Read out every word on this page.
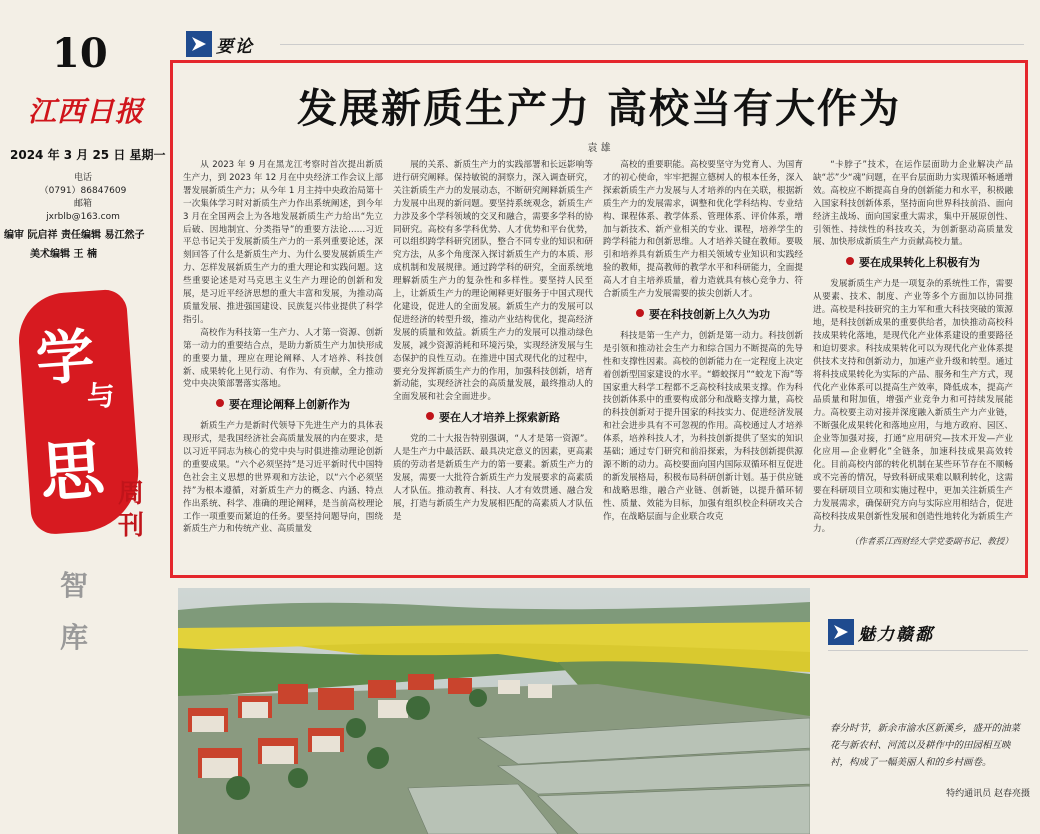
10
江西日报
2024 年 3 月 25 日 星期一
电话
（0791）86847609
邮箱
jxrblb@163.com
编审 阮启祥 责任编辑 易江然子
美术编辑 王 楠
学
与
思 周刊
智库
要论
发展新质生产力 高校当有大作为
袁 雄

从 2023 年 9 月在黑龙江考察时首次提出新质生产力，到 2023 年 12 月在中央经济工作会议上部署发展新质生产力；从今年 1 月主持中央政治局第十一次集体学习时对新质生产力作出系统阐述，到今年 3 月在全国两会上为各地发展新质生产力给出“先立后破、因地制宜、分类指导”的重要方法论……习近平总书记关于发展新质生产力的一系列重要论述，深刻回答了什么是新质生产力、为什么要发展新质生产力、怎样发展新质生产力的重大理论和实践问题。这些重要论述是对马克思主义生产力理论的创新和发展，是习近平经济思想的重大丰富和发展，为推动高质量发展、推进强国建设、民族复兴伟业提供了科学指引。

高校作为科技第一生产力、人才第一资源、创新第一动力的重要结合点，是助力新质生产力加快形成的重要力量，理应在理论阐释、人才培养、科技创新、成果转化上见行动、有作为、有贡献，全力推动党中央决策部署落实落地。

要在理论阐释上创新作为

新质生产力是新时代领导下先进生产力的具体表现形式，是我国经济社会高质量发展的内在要求，是以习近平同志为核心的党中央与时俱进推动理论创新的重要成果。“六个必须坚持”是习近平新时代中国特色社会主义思想的世界观和方法论，以“六个必须坚持”为根本遵循，对新质生产力的概念、内涵、特点作出系统、科学、准确的理论阐释，是当前高校理论工作一项重要而紧迫的任务。要坚持问题导向，围绕新质生产力和传统产业、高质量发

展的关系、新质生产力的实践部署和长远影响等进行研究阐释。保持敏锐的洞察力，深入调查研究，关注新质生产力的发展动态，不断研究阐释新质生产力发展中出现的新问题。要坚持系统观念，新质生产力涉及多个学科领域的交叉和融合，需要多学科的协同研究。高校有多学科优势、人才优势和平台优势，可以组织跨学科研究团队，整合不同专业的知识和研究方法，从多个角度深入探讨新质生产力的本质、形成机制和发展规律。通过跨学科的研究，全面系统地理解新质生产力的复杂性和多样性。要坚持人民至上，让新质生产力的理论阐释更好服务于中国式现代化建设，促进人的全面发展。新质生产力的发展可以促进经济的转型升级，推动产业结构优化，提高经济发展的质量和效益。新质生产力的发展可以推动绿色发展，减少资源消耗和环境污染，实现经济发展与生态保护的良性互动。在推进中国式现代化的过程中，要充分发挥新质生产力的作用，加强科技创新，培育新动能，实现经济社会的高质量发展，最终推动人的全面发展和社会全面进步。

要在人才培养上探索新路

党的二十大报告特别强调，“人才是第一资源”。人是生产力中最活跃、最具决定意义的因素，更高素质的劳动者是新质生产力的第一要素。新质生产力的发展，需要一大批符合新质生产力发展要求的高素质人才队伍。推动教育、科技、人才有效贯通、融合发展，打造与新质生产力发展相匹配的高素质人才队伍是

高校的重要职能。高校要坚守为党育人、为国育才的初心使命，牢牢把握立德树人的根本任务，深入探索新质生产力发展与人才培养的内在关联，根据新质生产力的发展需求，调整和优化学科结构、专业结构、课程体系、教学体系、管理体系、评价体系，增加与新技术、新产业相关的专业、课程，培养学生的跨学科能力和创新思维。人才培养关键在教师。要吸引和培养具有新质生产力相关领域专业知识和实践经验的教师，提高教师的教学水平和科研能力，全面提高人才自主培养质量，着力造就具有核心竞争力、符合新质生产力发展需要的拔尖创新人才。

要在科技创新上久久为功

科技是第一生产力，创新是第一动力。科技创新是引领和推动社会生产力和综合国力不断提高的先导性和支撑性因素。高校的创新能力在一定程度上决定着创新型国家建设的水平。“蟒蛟探月”“蛟龙下海”等国家重大科学工程都不乏高校科技成果支撑。作为科技创新体系中的重要构成部分和战略支撑力量，高校的科技创新对于提升国家的科技实力、促进经济发展和社会进步具有不可忽视的作用。高校通过人才培养体系，培养科技人才，为科技创新提供了坚实的知识基础；通过专门研究和前沿探索，为科技创新提供源源不断的动力。高校要面向国内国际双循环相互促进的新发展格局，积极布局科研创新计划。基于供应链和战略思维，融合产业链、创新链，以提升循环韧性、质量、效能为目标，加强有组织校企科研攻关合作，在战略层面与企业联合攻克

“卡脖子”技术，在运作层面助力企业解决产品缺“芯”少“魂”问题，在平台层面助力实现循环畅通增效。高校应不断提高自身的创新能力和水平，积极融入国家科技创新体系，坚持面向世界科技前沿、面向经济主战场、面向国家重大需求，集中开展原创性、引领性、持续性的科技攻关，为创新驱动高质量发展、加快形成新质生产力贡献高校力量。

要在成果转化上积极有为

发展新质生产力是一项复杂的系统性工作，需要从要素、技术、制度、产业等多个方面加以协同推进。高校是科技研究的主力军和重大科技突破的策源地，是科技创新成果的重要供给者，加快推动高校科技成果转化落地，是现代化产业体系建设的重要路径和迫切要求。科技成果转化可以为现代化产业体系提供技术支持和创新动力，加速产业升级和转型。通过将科技成果转化为实际的产品、服务和生产方式，现代化产业体系可以提高生产效率，降低成本，提高产品质量和附加值，增强产业竞争力和可持续发展能力。高校要主动对接并深度融入新质生产力产业链，不断强化成果转化和落地应用，与地方政府、园区、企业等加强对接，打通“应用研究—技术开发—产业化应用—企业孵化”全链条，加速科技成果高效转化。目前高校内部的转化机制在某些环节存在不顺畅或不完善的情况，导致科研成果难以顺利转化，这需要在科研项目立项和实施过程中，更加关注新质生产力发展需求，确保研究方向与实际应用相结合，促进高校科技成果创新性发展和创造性地转化为新质生产力。

（作者系江西财经大学党委副书记、教授）

魅力赣鄱
春分时节，新余市渝水区新溪乡，盛开的油菜花与新农村、河流以及耕作中的田园相互映衬，构成了一幅美丽人和的乡村画卷。
特约通讯员 赵春亮摄
